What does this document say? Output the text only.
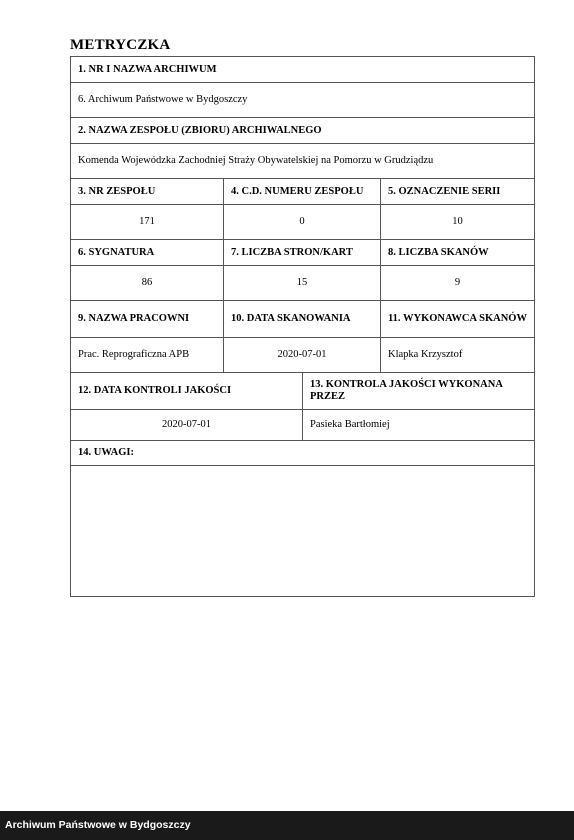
METRYCZKA
1. NR I NAZWA ARCHIWUM			
6. Archiwum Państwowe w Bydgoszczy			
2. NAZWA ZESPOŁU (ZBIORU) ARCHIWALNEGO			
Komenda Wojewódzka Zachodniej Straży Obywatelskiej na Pomorzu w Grudziądzu			
3. NR ZESPOŁU	4. C.D. NUMERU ZESPOŁU		5. OZNACZENIE SERII
171	0		10
6. SYGNATURA	7. LICZBA STRON/KART		8. LICZBA SKANÓW
86	15		9
9. NAZWA PRACOWNI	10. DATA SKANOWANIA		11. WYKONAWCA SKANÓW
Prac. Reprograficzna APB	2020-07-01		Klapka Krzysztof
12. DATA KONTROLI JAKOŚCI		13. KONTROLA JAKOŚCI WYKONANA PRZEZ	
2020-07-01		Pasieka Bartłomiej	
14. UWAGI:			

Archiwum Państwowe w Bydgoszczy
